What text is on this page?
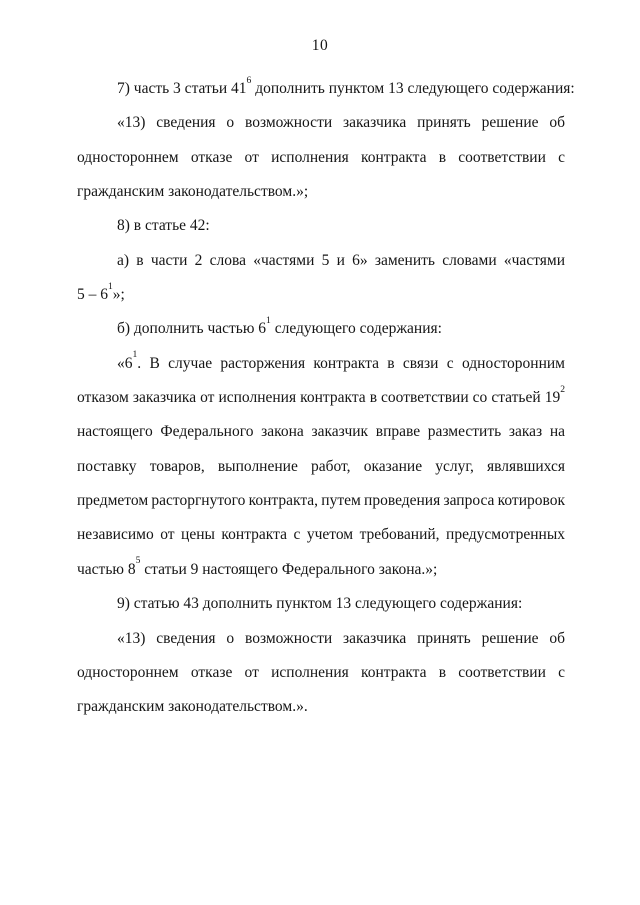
10
7) часть 3 статьи $41^6$ дополнить пунктом 13 следующего содержания:
«13) сведения о возможности заказчика принять решение об
одностороннем отказе от исполнения контракта в соответствии с
гражданским законодательством.»;
8) в статье 42:
а) в части 2 слова «частями 5 и 6» заменить словами «частями
$5 - 6^1$»;
б) дополнить частью $6^1$ следующего содержания:
«$6^1$. В случае расторжения контракта в связи с односторонним
отказом заказчика от исполнения контракта в соответствии со статьей $19^2$
настоящего Федерального закона заказчик вправе разместить заказ на
поставку товаров, выполнение работ, оказание услуг, являвшихся
предметом расторгнутого контракта, путем проведения запроса котировок
независимо от цены контракта с учетом требований, предусмотренных
частью $8^5$ статьи 9 настоящего Федерального закона.»;
9) статью 43 дополнить пунктом 13 следующего содержания:
«13) сведения о возможности заказчика принять решение об
одностороннем отказе от исполнения контракта в соответствии с
гражданским законодательством.».
